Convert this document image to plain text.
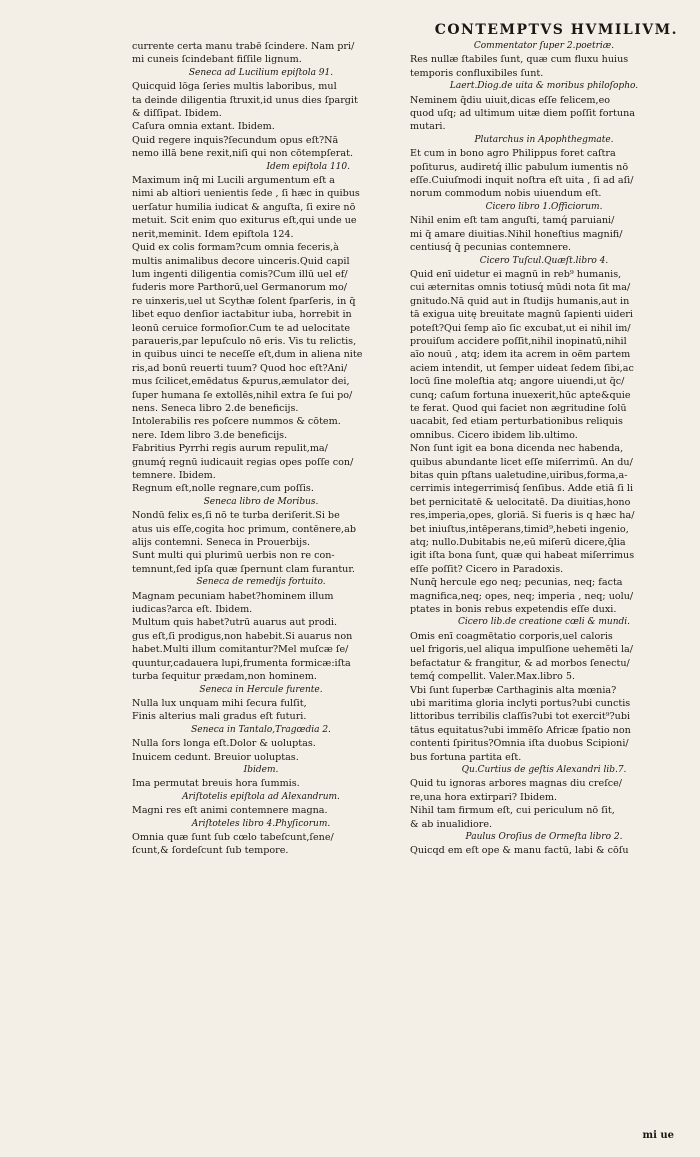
CONTEMPTVS HVMILIVM.

currente certa manu trabē ſcindere. Nam pri/

mi cuneis ſcindebant fiſſile lignum.

Seneca ad Lucilium epiſtola 91.

Quicquid lōga ſeries multis laboribus, mul

ta deinde diligentia ſtruxit,id unus dies ſpargit

& diſſipat. Ibidem.

Caſura omnia extant. Ibidem.

Quid regere inquis?ſecundum opus eſt?Nā

nemo illā bene rexit,niſi qui non cōtempſerat.

Idem epiſtola 110.

Maximum inq̄ mi Lucili argumentum eſt a

nimi ab altiori uenientis ſede , ſi hæc in quibus

uerſatur humilia iudicat & anguſta, ſi exire nō

metuit. Scit enim quo exiturus eſt,qui unde ue

nerit,meminit. Idem epiſtola 124.

Quid ex colis formam?cum omnia feceris,à

multis animalibus decore uinceris.Quid capil

lum ingenti diligentia comis?Cum illū uel ef/

fuderis more Parthorū,uel Germanorum mo/

re uinxeris,uel ut Scythæ ſolent ſparſeris, in q̄

libet equo denſior iactabitur iuba, horrebit in

leonū ceruice formoſior.Cum te ad uelocitate

paraueris,par lepuſculo nō eris. Vis tu relictis,

in quibus uinci te neceſſe eſt,dum in aliena nite

ris,ad bonū reuerti tuum? Quod hoc eſt?Ani/

mus ſcilicet,emēdatus &purus,æmulator dei,

ſuper humana ſe extollēs,nihil extra ſe ſui po/

nens. Seneca libro 2.de beneficijs.

Intolerabilis res poſcere nummos & cōtem.

nere. Idem libro 3.de beneficijs.

Fabritius Pyrrhi regis aurum repulit,ma/

gnumq́ regnū iudicauit regias opes poſſe con/

temnere. Ibidem.

Regnum eſt,nolle regnare,cum poſſis.

Seneca libro de Moribus.

Nondū felix es,ſi nō te turba deriſerit.Si be

atus uis eſſe,cogita hoc primum, contēnere,ab

alijs contemni. Seneca in Prouerbijs.

Sunt multi qui plurimū uerbis non re con-

temnunt,ſed ipſa quæ ſpernunt clam furantur.

Seneca de remedijs fortuito.

Magnam pecuniam habet?hominem illum

iudicas?arca eſt. Ibidem.

Multum quis habet?utrū auarus aut prodi.

gus eſt,ſi prodigus,non habebit.Si auarus non

habet.Multi illum comitantur?Mel muſcæ ſe/

quuntur,cadauera lupi,frumenta formicæ:iſta

turba ſequitur prædam,non hominem.

Seneca in Hercule furente.

Nulla lux unquam mihi ſecura fulſit,

Finis alterius mali gradus eſt futuri.

Seneca in Tantalo,Tragœdia 2.

Nulla ſors longa eſt.Dolor & uoluptas.

Inuicem cedunt. Breuior uoluptas.

Ibidem.

Ima permutat breuis hora ſummis.

Ariſtotelis epiſtola ad Alexandrum.

Magni res eſt animi contemnere magna.

Ariſtoteles libro 4.Phyſicorum.

Omnia quæ ſunt ſub cœlo tabeſcunt,ſene/

ſcunt,& ſordeſcunt ſub tempore.

Commentator ſuper 2.poetriæ.

Res nullæ ſtabiles ſunt, quæ cum fluxu huius

temporis confluxibiles ſunt.

Laert.Diog.de uita & moribus philoſopho.

Neminem q̄diu uiuit,dicas eſſe felicem,eo

quod uſq; ad ultimum uitæ diem poſſit fortuna

mutari.

Plutarchus in Apophthegmate.

Et cum in bono agro Philippus foret caſtra

poſiturus, audiretq́ illic pabulum iumentis nō

eſſe.Cuiuſmodi inquit noſtra eſt uita , ſi ad aſi/

norum commodum nobis uiuendum eſt.

Cicero libro 1.Officiorum.

Nihil enim eſt tam anguſti, tamq́ paruiani/

mi q̄ amare diuitias.Nihil honeſtius magnifi/

centiusq́ q̄ pecunias contemnere.

Cicero Tuſcul.Quæſt.libro 4.

Quid enī uidetur ei magnū in reb⁹ humanis,

cui æternitas omnis totiusq́ mūdi nota ſit ma/

gnitudo.Nā quid aut in ſtudijs humanis,aut in

tā exigua uitę breuitate magnū ſapienti uideri

poteſt?Qui ſemp aīo ſic excubat,ut ei nihil im/

prouiſum accidere poſſit,nihil inopinatū,nihil

aīo nouū , atq; idem ita acrem in oēm partem

aciem intendit, ut ſemper uideat ſedem ſibi,ac

locū ſine moleſtia atq; angore uiuendi,ut q̄c/

cunq; caſum fortuna inuexerit,hūc apte&quie

te ferat. Quod qui faciet non ægritudine ſolū

uacabit, ſed etiam perturbationibus reliquis

omnibus. Cicero ibidem lib.ultimo.

Non ſunt igit ea bona dicenda nec habenda,

quibus abundante licet eſſe miſerrimū. An du/

bitas quin pſtans ualetudine,uiribus,forma,a-

cerrimis integerrimisq́ ſenſibus. Adde etiā ſi li

bet pernicitatē & uelocitatē. Da diuitias,hono

res,imperia,opes, gloriā. Si fueris is q hæc ha/

bet iniuſtus,intēperans,timid⁹,hebeti ingenio,

atq; nullo.Dubitabis ne,eū miſerū dicere,q̄lia

igit iſta bona ſunt, quæ qui habeat miſerrimus

eſſe poſſit? Cicero in Paradoxis.

Nunq̄ hercule ego neq; pecunias, neq; facta

magnifica,neq; opes, neq; imperia , neq; uolu/

ptates in bonis rebus expetendis eſſe duxi.

Cicero lib.de creatione cœli & mundi.

Omis enī coagmētatio corporis,uel caloris

uel frigoris,uel aliqua impulſione uehemēti la/

befactatur & frangitur, & ad morbos ſenectu/

temq́ compellit. Valer.Max.libro 5.

Vbi ſunt ſuperbæ Carthaginis alta mœnia?

ubi maritima gloria inclyti portus?ubi cunctis

littoribus terribilis claſſis?ubi tot exercit⁹?ubi

tātus equitatus?ubi immēſo Africæ ſpatio non

contenti ſpiritus?Omnia iſta duobus Scipioni/

bus fortuna partita eſt.

Qu.Curtius de geſtis Alexandri lib.7.

Quid tu ignoras arbores magnas diu creſce/

re,una hora extirpari? Ibidem.

Nihil tam firmum eſt, cui periculum nō ſit,

& ab inualidiore.

Paulus Oroſius de Ormeſta libro 2.

Quicqd em eſt ope & manu factū, labi & cōſu

mi ue
